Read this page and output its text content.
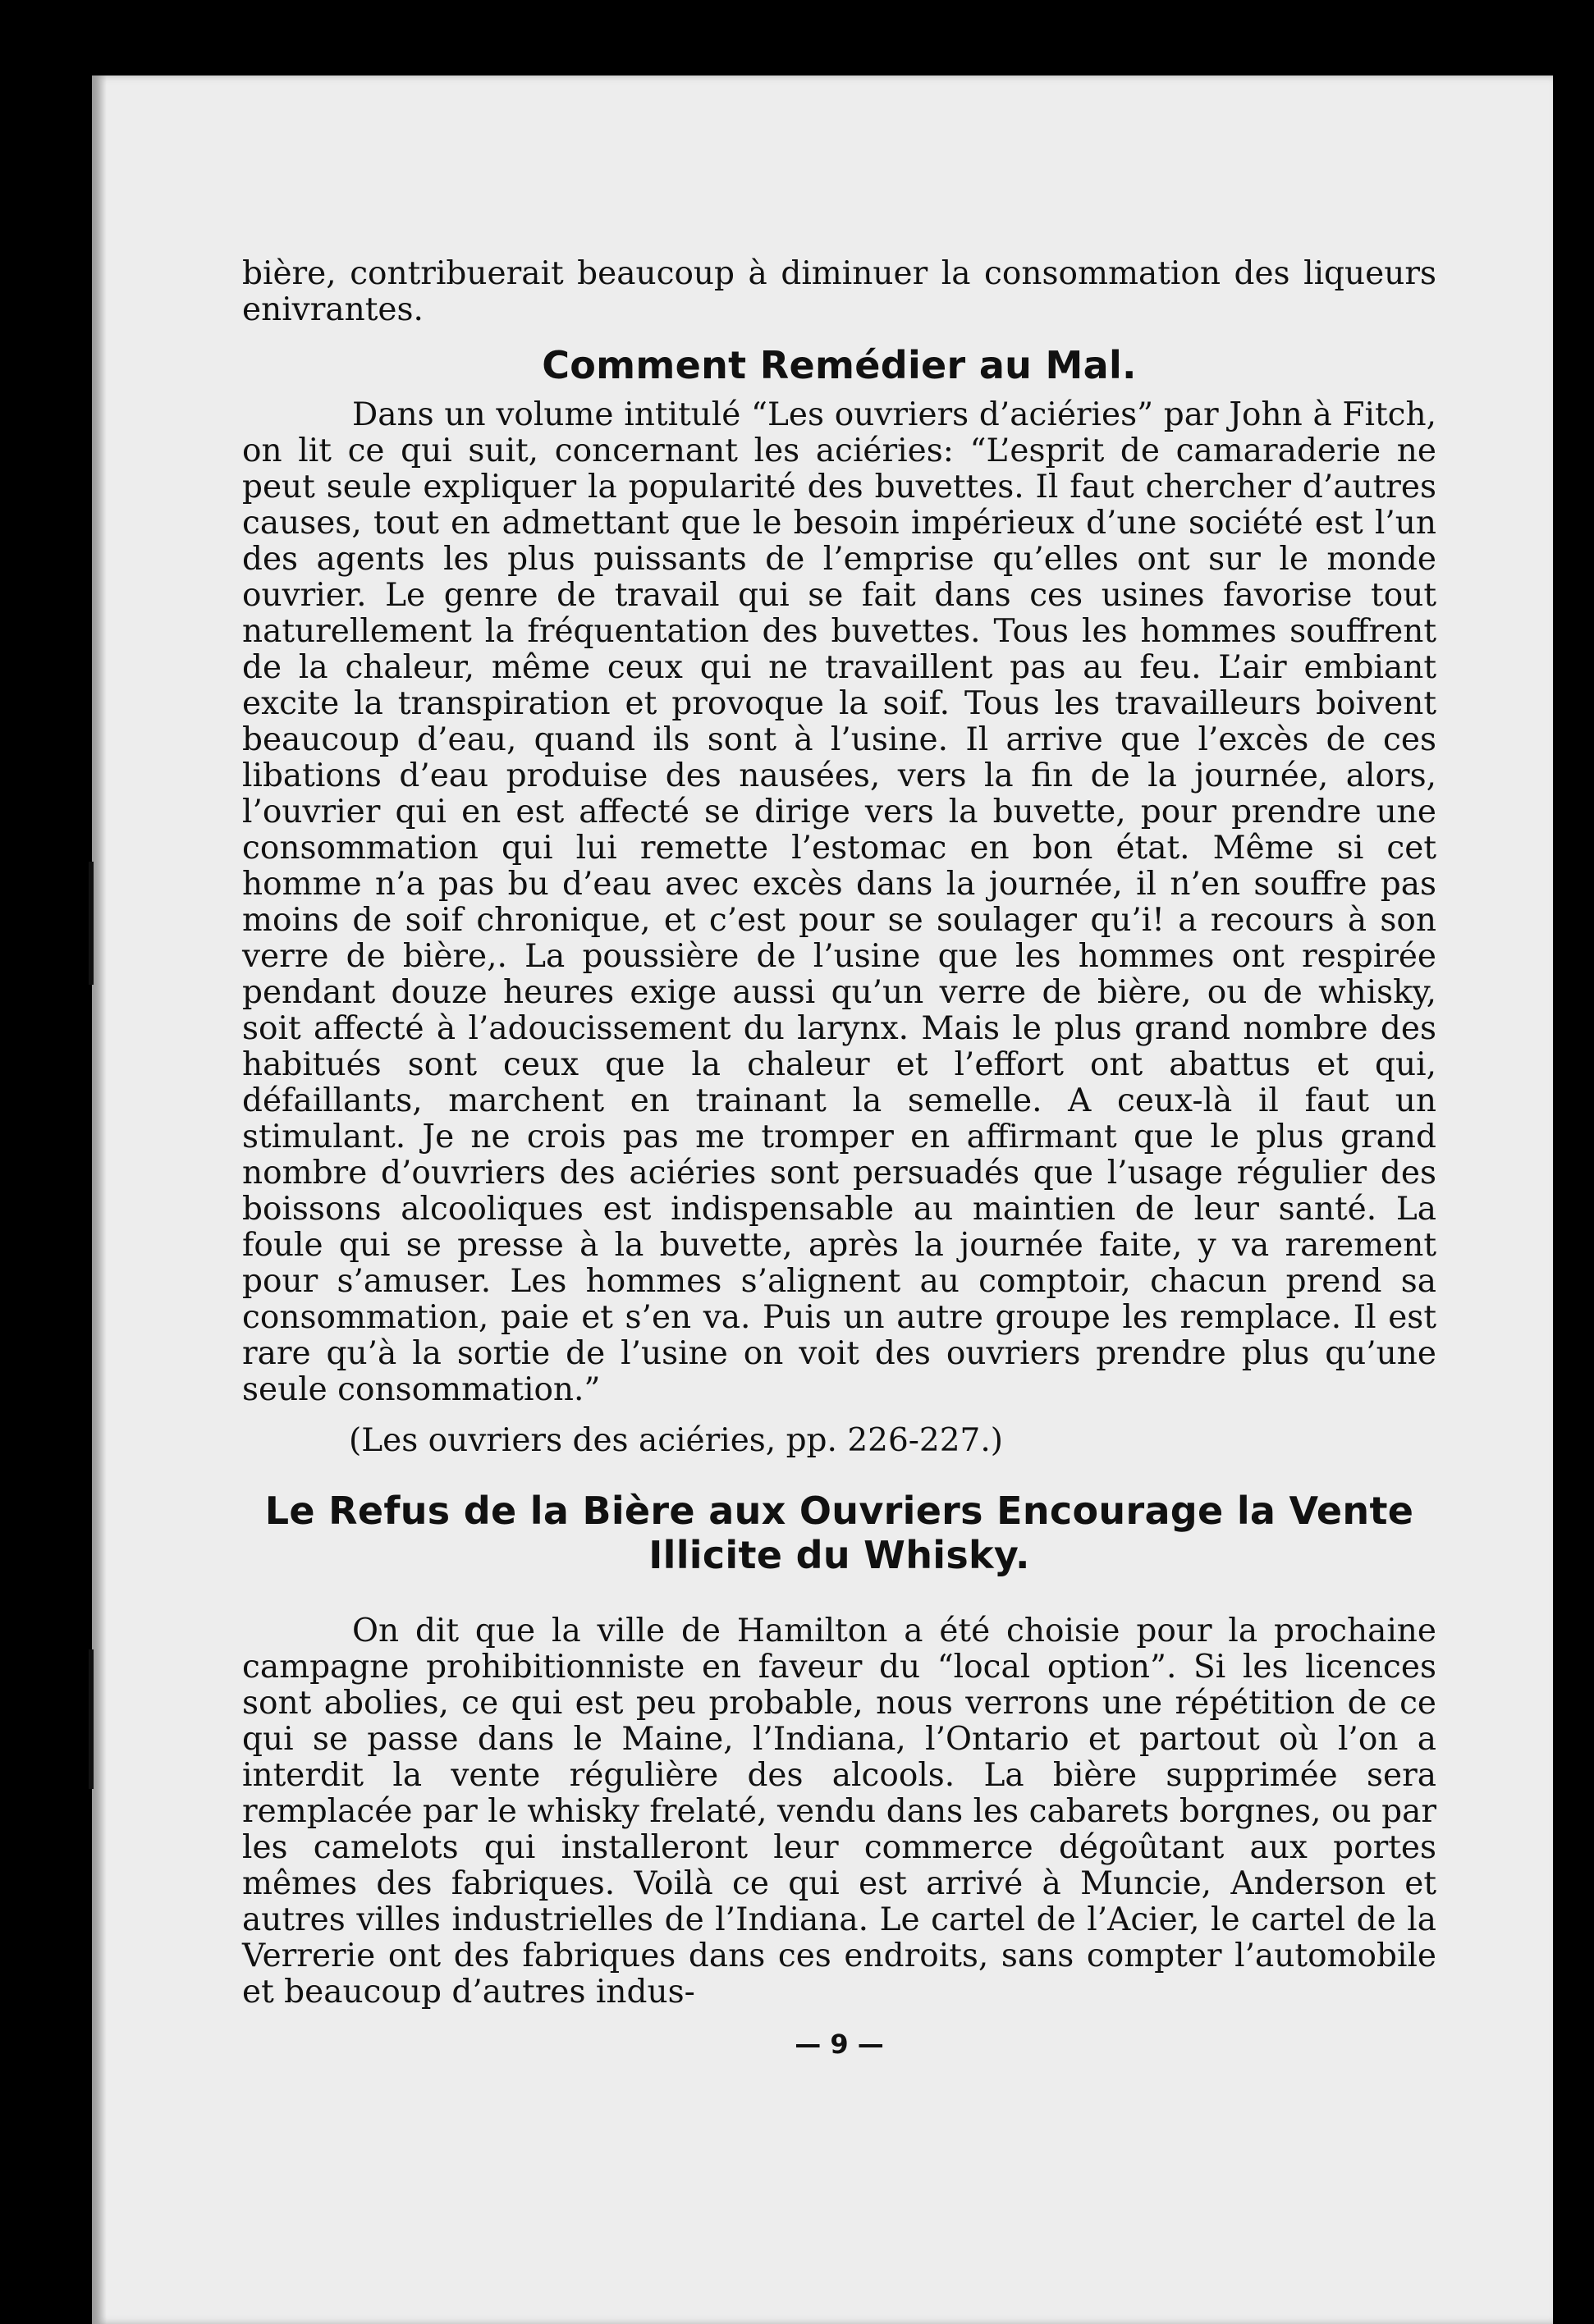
bière, contribuerait beaucoup à diminuer la consommation des liqueurs enivrantes.

Comment Remédier au Mal.

Dans un volume intitulé “Les ouvriers d’aciéries” par John à Fitch, on lit ce qui suit, concernant les aciéries: “L’esprit de camaraderie ne peut seule expliquer la popularité des buvettes. Il faut chercher d’autres causes, tout en admettant que le besoin impérieux d’une société est l’un des agents les plus puissants de l’emprise qu’elles ont sur le monde ouvrier. Le genre de travail qui se fait dans ces usines favorise tout naturellement la fréquentation des buvettes. Tous les hommes souffrent de la chaleur, même ceux qui ne travaillent pas au feu. L’air embiant excite la transpiration et provoque la soif. Tous les travailleurs boivent beaucoup d’eau, quand ils sont à l’usine. Il arrive que l’excès de ces libations d’eau produise des nausées, vers la fin de la journée, alors, l’ouvrier qui en est affecté se dirige vers la buvette, pour prendre une consommation qui lui remette l’estomac en bon état. Même si cet homme n’a pas bu d’eau avec excès dans la journée, il n’en souffre pas moins de soif chronique, et c’est pour se soulager qu’i! a recours à son verre de bière,. La poussière de l’usine que les hommes ont respirée pendant douze heures exige aussi qu’un verre de bière, ou de whisky, soit affecté à l’adoucissement du larynx. Mais le plus grand nombre des habitués sont ceux que la chaleur et l’effort ont abattus et qui, défaillants, marchent en trainant la semelle. A ceux-là il faut un stimulant. Je ne crois pas me tromper en affirmant que le plus grand nombre d’ouvriers des aciéries sont persuadés que l’usage régulier des boissons alcooliques est indispensable au maintien de leur santé. La foule qui se presse à la buvette, après la journée faite, y va rarement pour s’amuser. Les hommes s’alignent au comptoir, chacun prend sa consommation, paie et s’en va. Puis un autre groupe les remplace. Il est rare qu’à la sortie de l’usine on voit des ouvriers prendre plus qu’une seule consommation.”

(Les ouvriers des aciéries, pp. 226-227.)

Le Refus de la Bière aux Ouvriers Encourage la Vente
Illicite du Whisky.

On dit que la ville de Hamilton a été choisie pour la prochaine campagne prohibitionniste en faveur du “local option”. Si les licences sont abolies, ce qui est peu probable, nous verrons une répétition de ce qui se passe dans le Maine, l’Indiana, l’Ontario et partout où l’on a interdit la vente régulière des alcools. La bière supprimée sera remplacée par le whisky frelaté, vendu dans les cabarets borgnes, ou par les camelots qui installeront leur commerce dégoûtant aux portes mêmes des fabriques. Voilà ce qui est arrivé à Muncie, Anderson et autres villes industrielles de l’Indiana. Le cartel de l’Acier, le cartel de la Verrerie ont des fabriques dans ces endroits, sans compter l’automobile et beaucoup d’autres indus-

— 9 —
